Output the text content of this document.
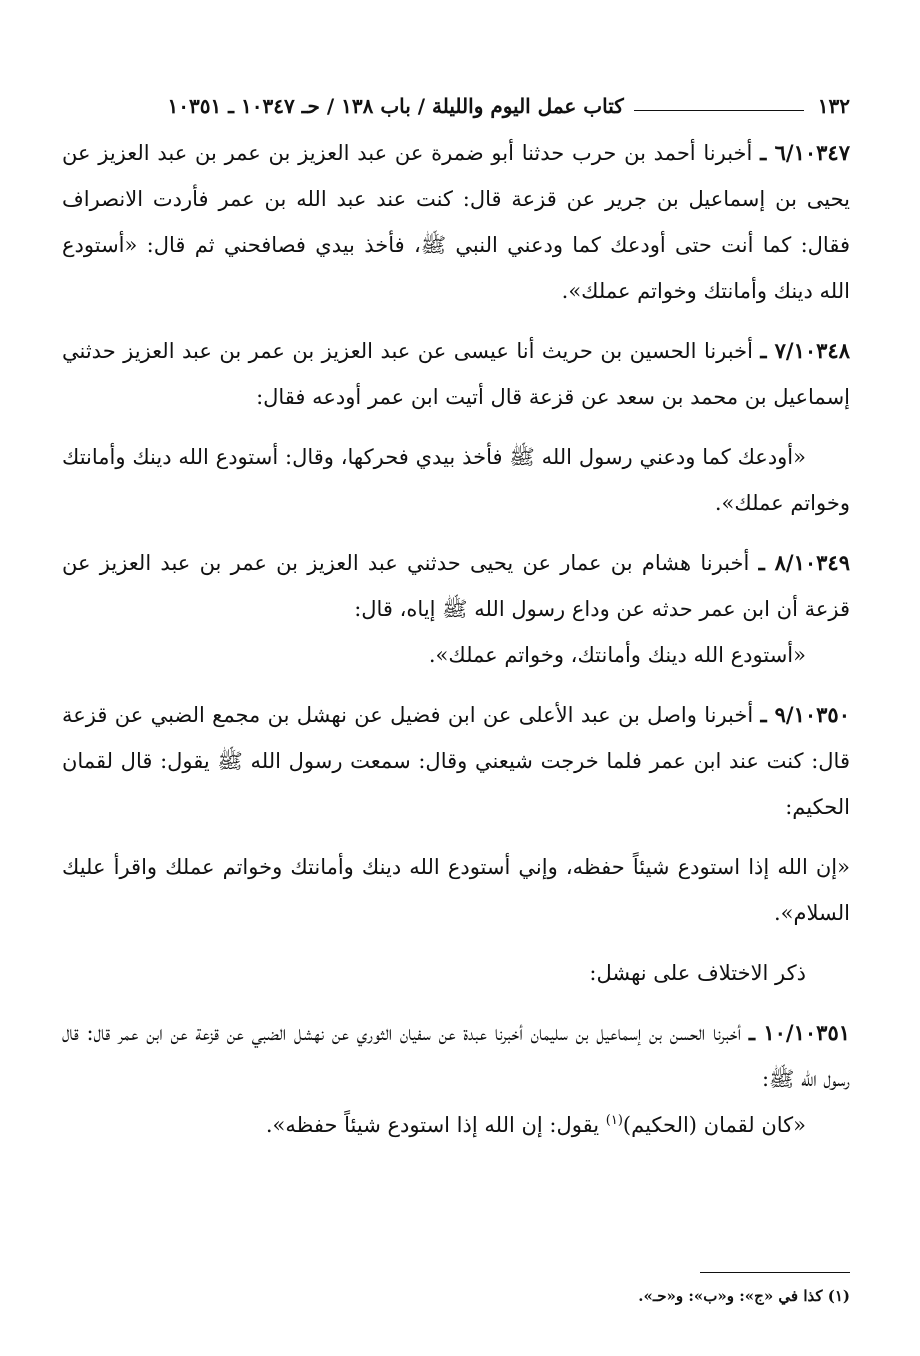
١٣٢
كتاب عمل اليوم والليلة / باب ١٣٨ / حـ ١٠٣٤٧ ـ ١٠٣٥١

٦/١٠٣٤٧ ـ أخبرنا أحمد بن حرب حدثنا أبو ضمرة عن عبد العزيز بن عمر بن عبد العزيز عن يحيى بن إسماعيل بن جرير عن قزعة قال: كنت عند عبد الله بن عمر فأردت الانصراف فقال: كما أنت حتى أودعك كما ودعني النبي ﷺ، فأخذ بيدي فصافحني ثم قال: «أستودع الله دينك وأمانتك وخواتم عملك».

٧/١٠٣٤٨ ـ أخبرنا الحسين بن حريث أنا عيسى عن عبد العزيز بن عمر بن عبد العزيز حدثني إسماعيل بن محمد بن سعد عن قزعة قال أتيت ابن عمر أودعه فقال:

«أودعك كما ودعني رسول الله ﷺ فأخذ بيدي فحركها، وقال: أستودع الله دينك وأمانتك وخواتم عملك».

٨/١٠٣٤٩ ـ أخبرنا هشام بن عمار عن يحيى حدثني عبد العزيز بن عمر بن عبد العزيز عن قزعة أن ابن عمر حدثه عن وداع رسول الله ﷺ إياه، قال:

«أستودع الله دينك وأمانتك، وخواتم عملك».

٩/١٠٣٥٠ ـ أخبرنا واصل بن عبد الأعلى عن ابن فضيل عن نهشل بن مجمع الضبي عن قزعة قال: كنت عند ابن عمر فلما خرجت شيعني وقال: سمعت رسول الله ﷺ يقول: قال لقمان الحكيم:

«إن الله إذا استودع شيئاً حفظه، وإني أستودع الله دينك وأمانتك وخواتم عملك واقرأ عليك السلام».

ذكر الاختلاف على نهشل:

١٠/١٠٣٥١ ـ أخبرنا الحسن بن إسماعيل بن سليمان أخبرنا عبدة عن سفيان الثوري عن نهشل الضبي عن قزعة عن ابن عمر قال: قال رسول الله ﷺ:

«كان لقمان (الحكيم)$^{(١)}$ يقول: إن الله إذا استودع شيئاً حفظه».

(١) كذا في «ج»: و«ب»: و«حـ».
